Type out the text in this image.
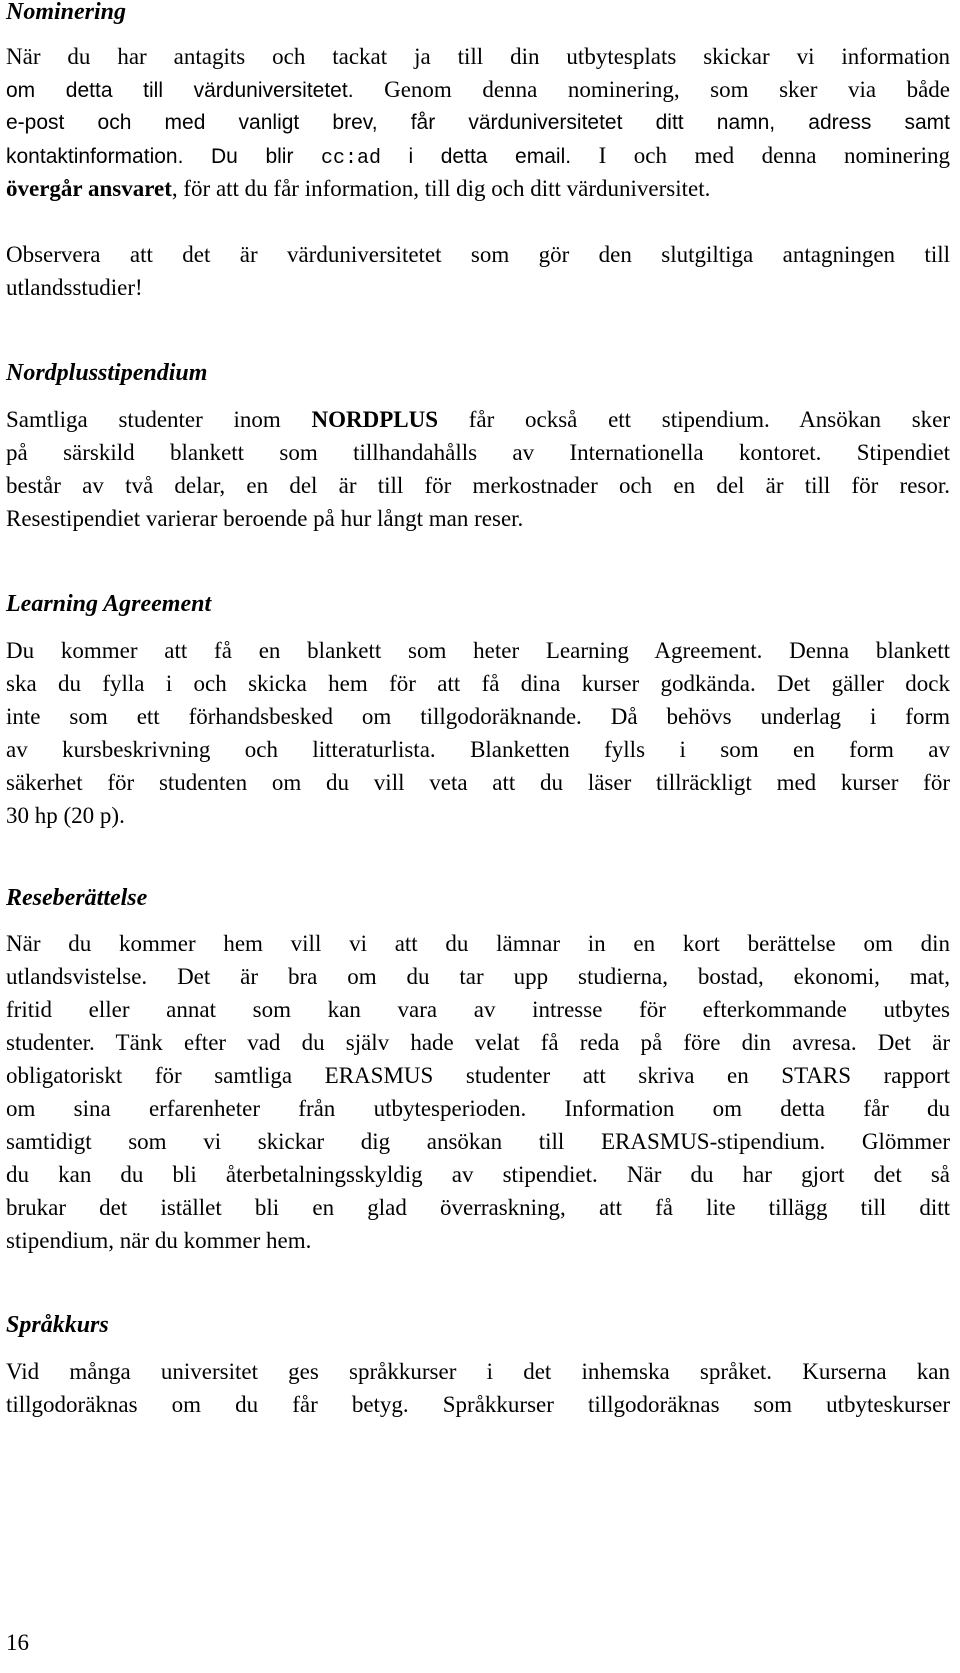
Nominering
När du har antagits och tackat ja till din utbytesplats skickar vi information
om detta till värduniversitetet. Genom denna nominering, som sker via både
e-post och med vanligt brev, får värduniversitetet ditt namn, adress samt
kontaktinformation. Du blir cc:ad i detta email. I och med denna nominering
övergår ansvaret, för att du får information, till dig och ditt värduniversitet.
Observera att det är värduniversitetet som gör den slutgiltiga antagningen till
utlandsstudier!
Nordplusstipendium
Samtliga studenter inom NORDPLUS får också ett stipendium. Ansökan sker
på särskild blankett som tillhandahålls av Internationella kontoret. Stipendiet
består av två delar, en del är till för merkostnader och en del är till för resor.
Resestipendiet varierar beroende på hur långt man reser.
Learning Agreement
Du kommer att få en blankett som heter Learning Agreement. Denna blankett
ska du fylla i och skicka hem för att få dina kurser godkända. Det gäller dock
inte som ett förhandsbesked om tillgodoräknande. Då behövs underlag i form
av kursbeskrivning och litteraturlista. Blanketten fylls i som en form av
säkerhet för studenten om du vill veta att du läser tillräckligt med kurser för
30 hp (20 p).
Reseberättelse
När du kommer hem vill vi att du lämnar in en kort berättelse om din
utlandsvistelse. Det är bra om du tar upp studierna, bostad, ekonomi, mat,
fritid eller annat som kan vara av intresse för efterkommande utbytes
studenter. Tänk efter vad du själv hade velat få reda på före din avresa. Det är
obligatoriskt för samtliga ERASMUS studenter att skriva en STARS rapport
om sina erfarenheter från utbytesperioden. Information om detta får du
samtidigt som vi skickar dig ansökan till ERASMUS-stipendium. Glömmer
du kan du bli återbetalningsskyldig av stipendiet. När du har gjort det så
brukar det istället bli en glad överraskning, att få lite tillägg till ditt
stipendium, när du kommer hem.
Språkkurs
Vid många universitet ges språkkurser i det inhemska språket. Kurserna kan
tillgodoräknas om du får betyg. Språkkurser tillgodoräknas som utbyteskurser
16
